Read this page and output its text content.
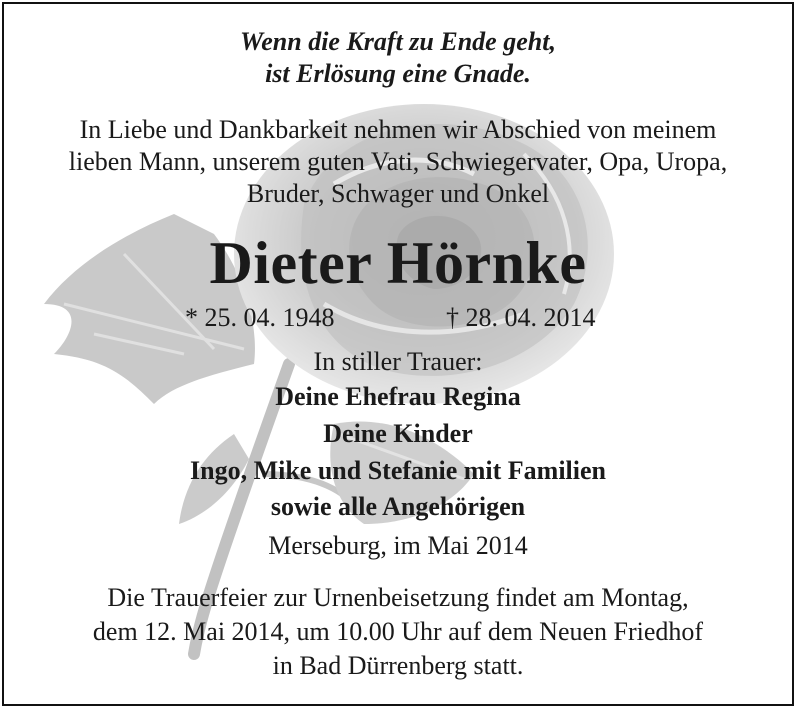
Wenn die Kraft zu Ende geht,
ist Erlösung eine Gnade.
In Liebe und Dankbarkeit nehmen wir Abschied von meinem
lieben Mann, unserem guten Vati, Schwiegervater, Opa, Uropa,
Bruder, Schwager und Onkel
Dieter Hörnke
* 25. 04. 1948	† 28. 04. 2014
In stiller Trauer:
Deine Ehefrau Regina
Deine Kinder
Ingo, Mike und Stefanie mit Familien
sowie alle Angehörigen
Merseburg, im Mai 2014
Die Trauerfeier zur Urnenbeisetzung findet am Montag,
dem 12. Mai 2014, um 10.00 Uhr auf dem Neuen Friedhof
in Bad Dürrenberg statt.
